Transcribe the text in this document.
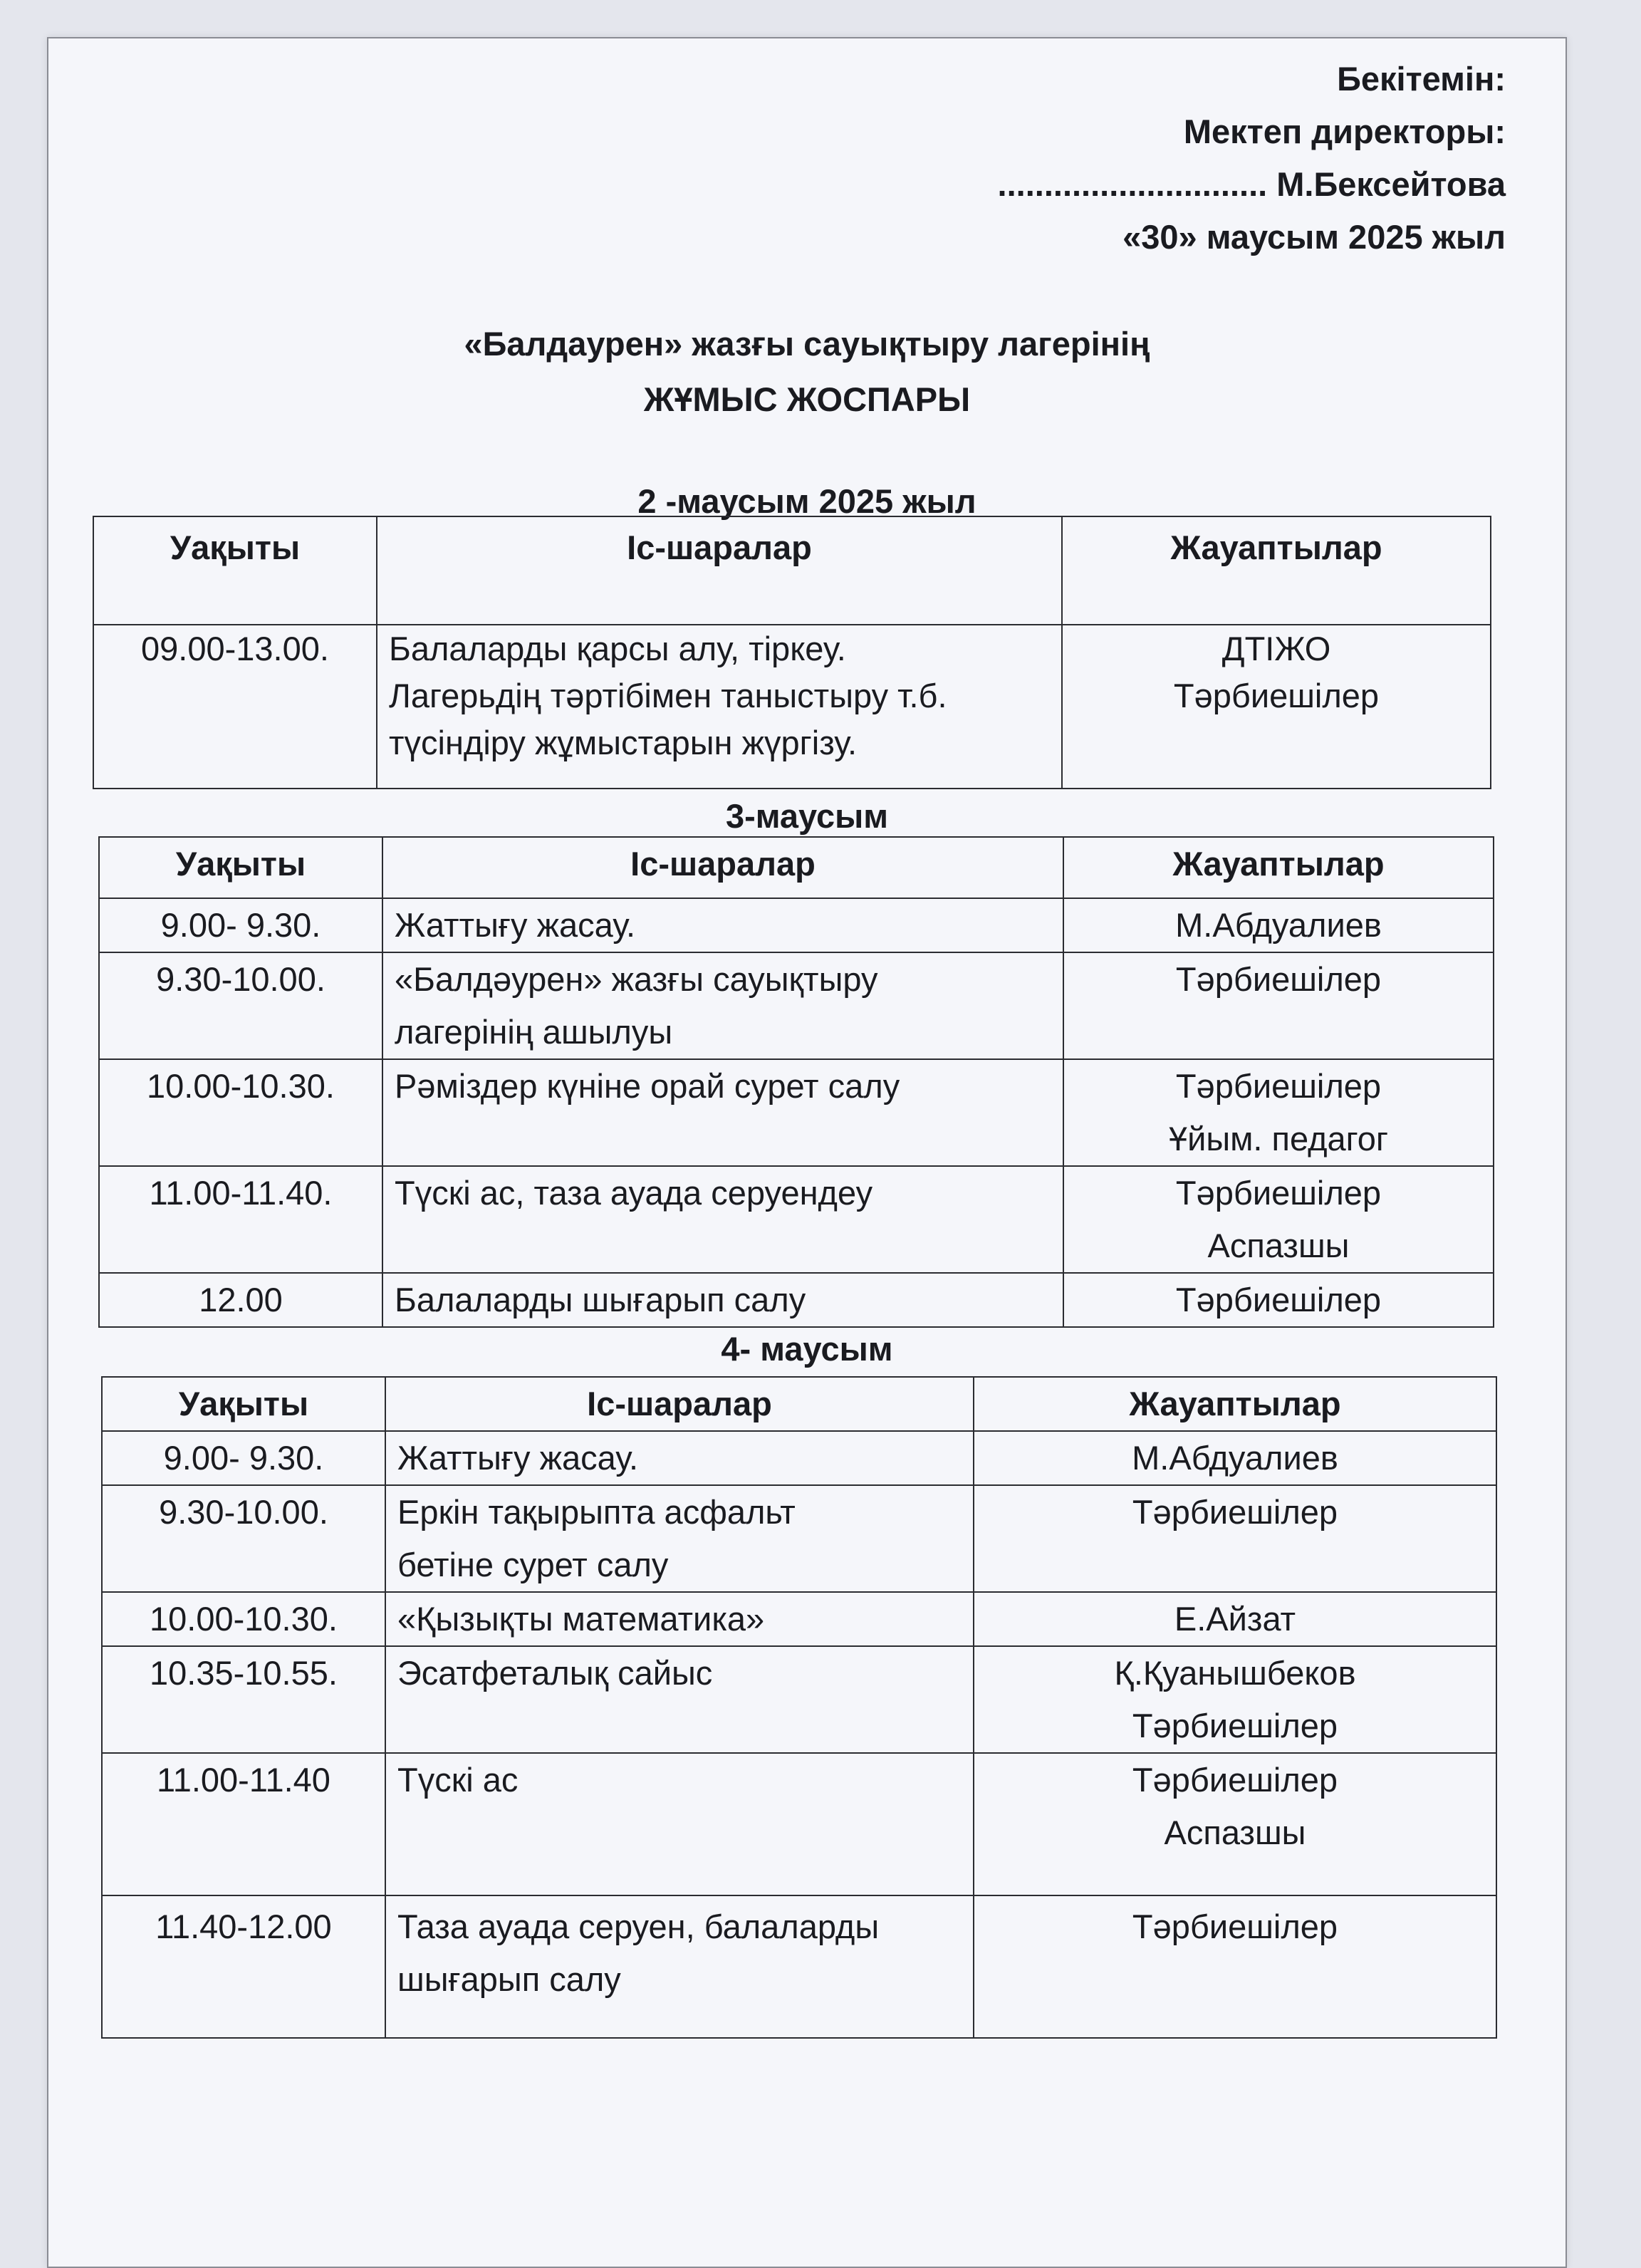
Бекітемін:
Мектеп директоры:
............................. М.Бексейтова
«30» маусым 2025 жыл
«Балдаурен» жазғы сауықтыру лагерінің
ЖҰМЫС ЖОСПАРЫ
2 -маусым 2025 жыл
Уақыты	Іс-шаралар	Жауаптылар
09.00-13.00.	Балаларды қарсы алу, тіркеу.
Лагерьдің тәртібімен таныстыру т.б.
түсіндіру жұмыстарын жүргізу.	ДТІЖО
Тәрбиешілер
3-маусым
Уақыты	Іс-шаралар	Жауаптылар
9.00- 9.30.	Жаттығу жасау.	М.Абдуалиев

9.30-10.00.	«Балдәурен» жазғы сауықтыру
лагерінің ашылуы	Тәрбиешілер

10.00-10.30.	Рәміздер күніне орай сурет салу	Тәрбиешілер
Ұйым. педагог

11.00-11.40.	Түскі ас, таза ауада серуендеу	Тәрбиешілер
Аспазшы

12.00	Балаларды шығарып салу	Тәрбиешілер
4- маусым
Уақыты	Іс-шаралар	Жауаптылар
9.00- 9.30.	Жаттығу жасау.	М.Абдуалиев

9.30-10.00.	Еркін тақырыпта асфальт
бетіне сурет салу	Тәрбиешілер

10.00-10.30.	«Қызықты математика»	Е.Айзат

10.35-10.55.	Эсатфеталық сайыс	Қ.Қуанышбеков
Тәрбиешілер

11.00-11.40	Түскі ас	Тәрбиешілер
Аспазшы

11.40-12.00	Таза ауада серуен, балаларды
шығарып салу	Тәрбиешілер
